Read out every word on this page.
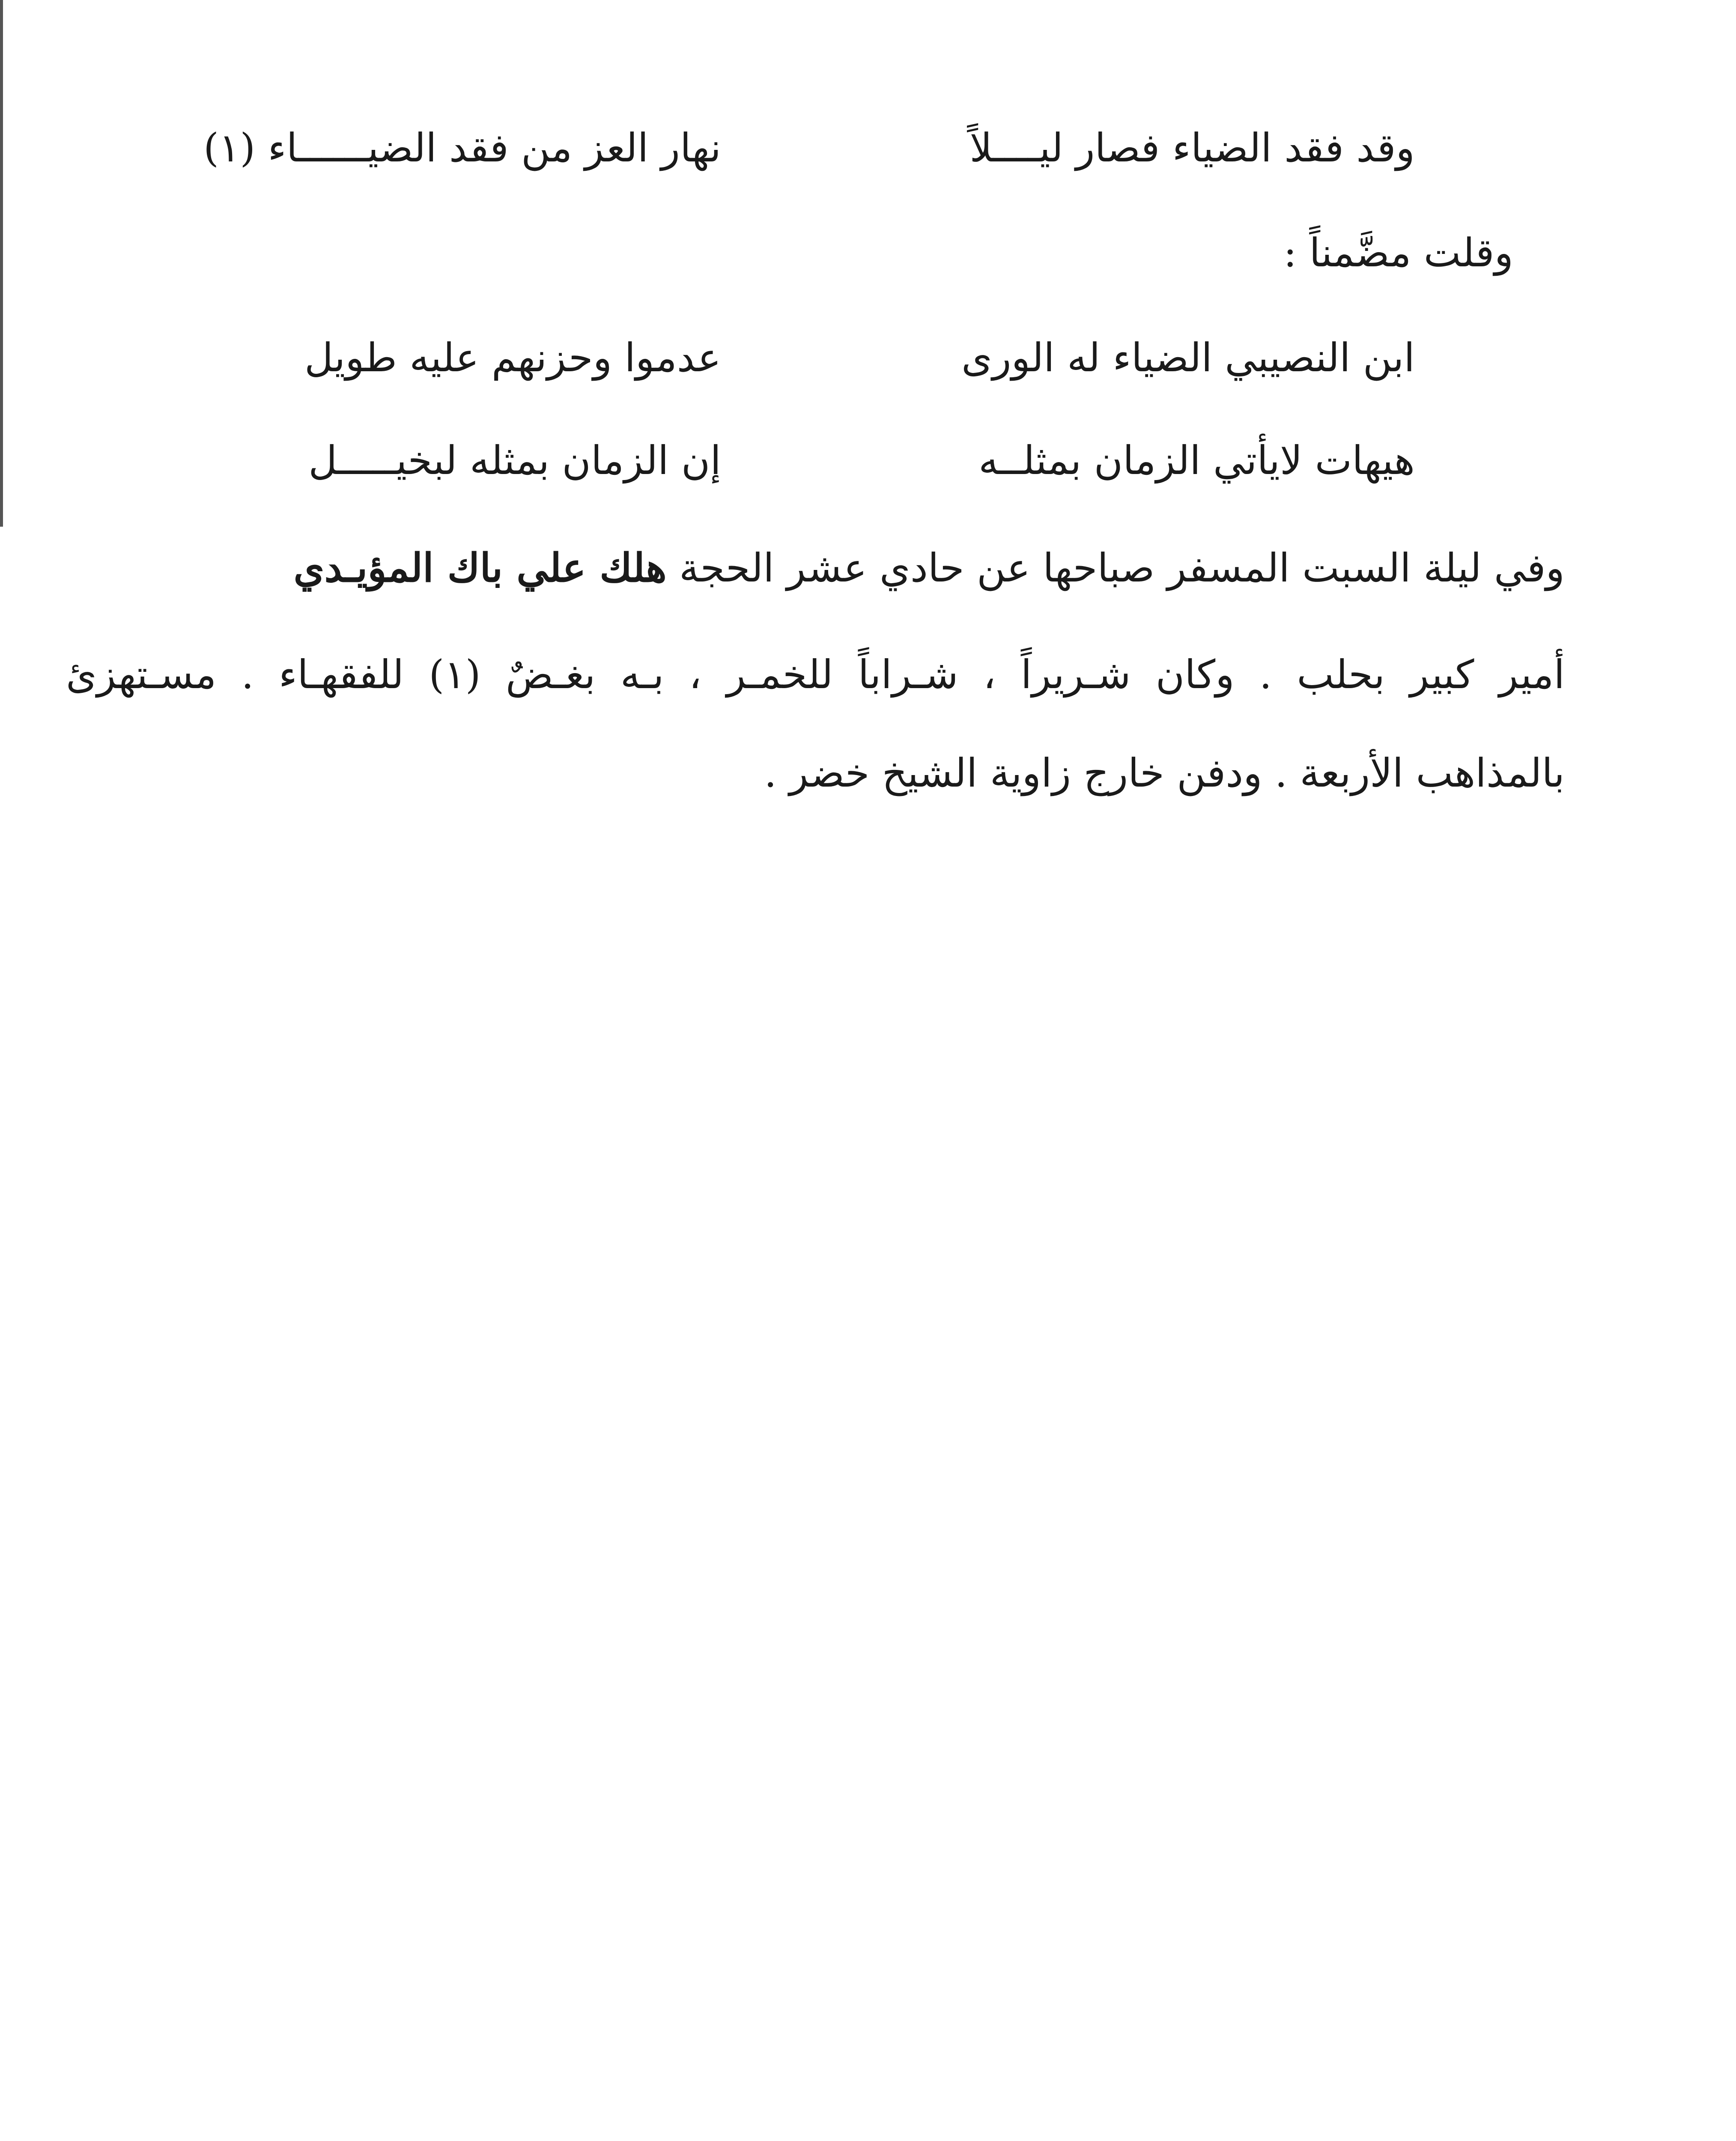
وقد فقد الضياء فصار ليــــلاً
نهار العز من فقد الضيــــــاء (١)
وقلت مضَّمناً :
ابن النصيبي الضياء له الورى
عدموا وحزنهم عليه طويل
هيهات لايأتي الزمان بمثلــه
إن الزمان بمثله لبخيـــــل
وفي ليلة السبت المسفر صباحها عن حادي عشر الحجة هلك علي باك المؤيـدي
أمير كبير بحلب . وكان شـريراً ، شـراباً للخمـر ، بـه بغـضٌ (١) للفقهـاء . مسـتهزئ
بالمذاهب الأربعة . ودفن خارج زاوية الشيخ خضر .
